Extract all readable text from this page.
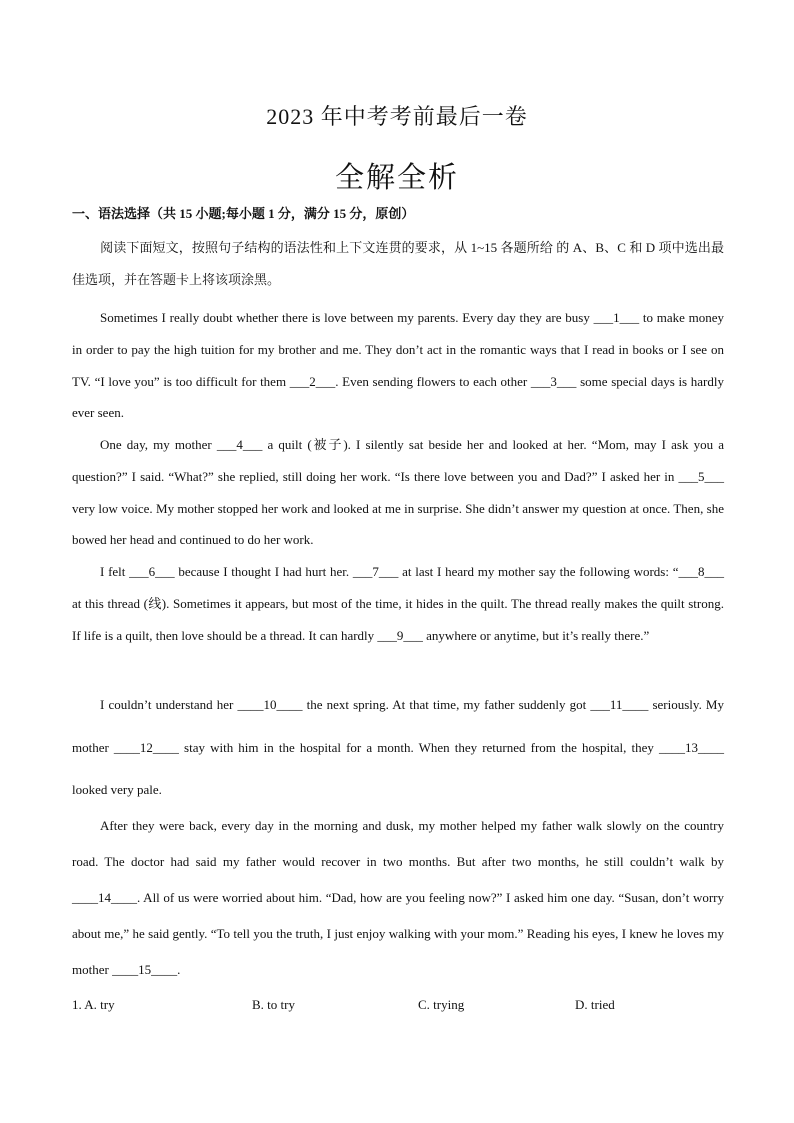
2023 年中考考前最后一卷
全解全析
一、语法选择（共 15 小题;每小题 1 分，满分 15 分，原创）
阅读下面短文，按照句子结构的语法性和上下文连贯的要求，从 1~15 各题所给 的 A、B、C 和 D 项中选出最佳选项，并在答题卡上将该项涂黑。
Sometimes I really doubt whether there is love between my parents. Every day they are busy ___1___ to make money in order to pay the high tuition for my brother and me. They don’t act in the romantic ways that I read in books or I see on TV. “I love you” is too difficult for them ___2___. Even sending flowers to each other ___3___ some special days is hardly ever seen.
One day, my mother ___4___ a quilt (被子). I silently sat beside her and looked at her. “Mom, may I ask you a question?” I said. “What?” she replied, still doing her work. “Is there love between you and Dad?” I asked her in ___5___ very low voice. My mother stopped her work and looked at me in surprise. She didn’t answer my question at once. Then, she bowed her head and continued to do her work.
I felt ___6___ because I thought I had hurt her. ___7___ at last I heard my mother say the following words: “___8___ at this thread (线). Sometimes it appears, but most of the time, it hides in the quilt. The thread really makes the quilt strong. If life is a quilt, then love should be a thread. It can hardly ___9___ anywhere or anytime, but it’s really there.”
I couldn’t understand her ____10____ the next spring. At that time, my father suddenly got ___11____ seriously. My mother ____12____ stay with him in the hospital for a month. When they returned from the hospital, they ____13____ looked very pale.
After they were back, every day in the morning and dusk, my mother helped my father walk slowly on the country road. The doctor had said my father would recover in two months. But after two months, he still couldn’t walk by ____14____. All of us were worried about him. “Dad, how are you feeling now?” I asked him one day. “Susan, don’t worry about me,” he said gently. “To tell you the truth, I just enjoy walking with your mom.” Reading his eyes, I knew he loves my mother ____15____.
1. A. try	B. to try	C. trying	D. tried
